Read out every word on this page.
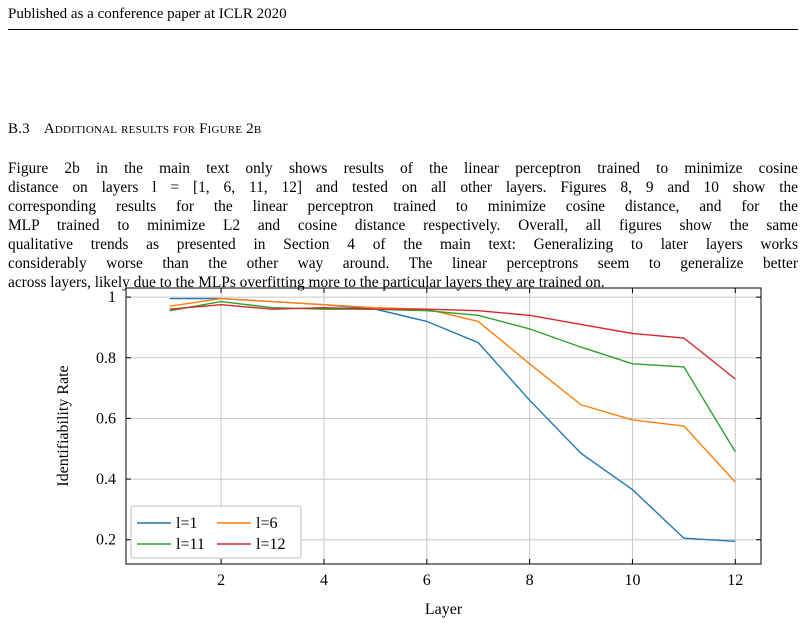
Published as a conference paper at ICLR 2020
B.3 Additional results for Figure 2b

Figure 2b in the main text only shows results of the linear perceptron trained to minimize cosine
distance on layers l = [1, 6, 11, 12] and tested on all other layers. Figures 8, 9 and 10 show the
corresponding results for the linear perceptron trained to minimize cosine distance, and for the
MLP trained to minimize L2 and cosine distance respectively. Overall, all figures show the same
qualitative trends as presented in Section 4 of the main text: Generalizing to later layers works
considerably worse than the other way around. The linear perceptrons seem to generalize better
across layers, likely due to the MLPs overfitting more to the particular layers they are trained on.

2	4	6	8	10	12
0.2
0.4
0.6
0.8
1
Layer
Identifiability Rate
l=1	l=6
l=11	l=12
